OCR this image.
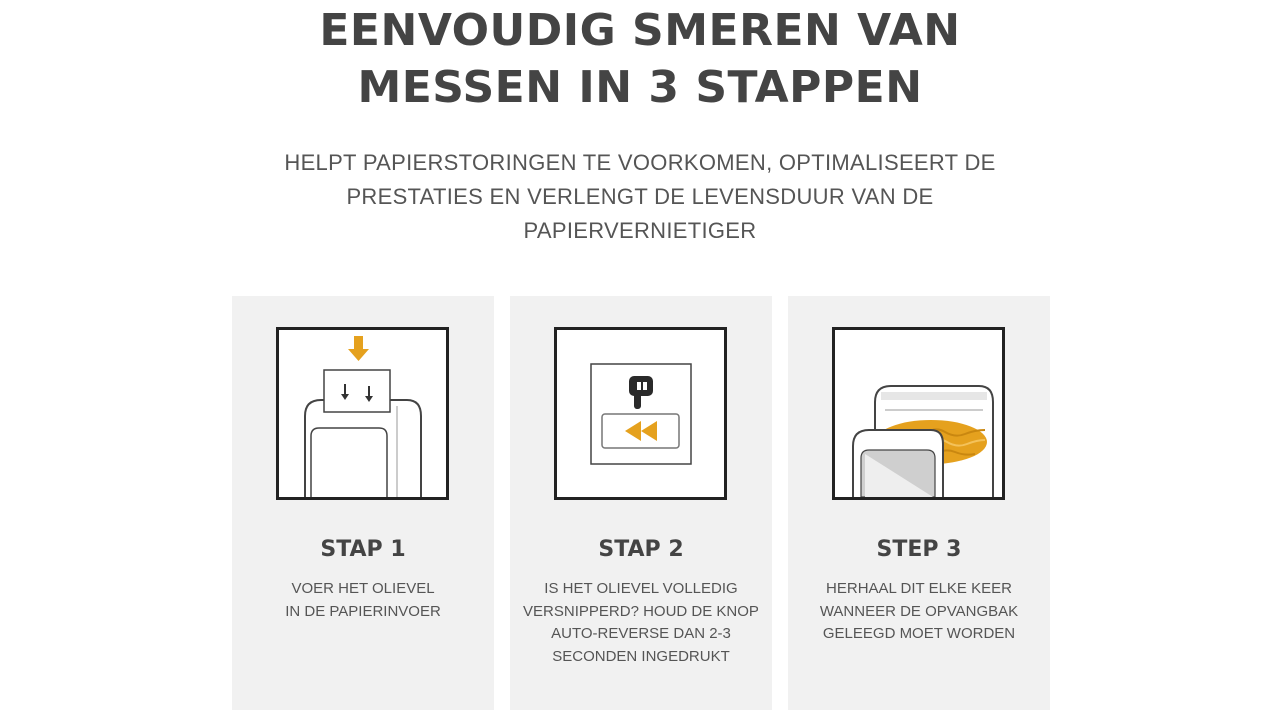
EENVOUDIG SMEREN VAN
MESSEN IN 3 STAPPEN

HELPT PAPIERSTORINGEN TE VOORKOMEN, OPTIMALISEERT DE
PRESTATIES EN VERLENGT DE LEVENSDUUR VAN DE
PAPIERVERNIETIGER

STAP 1

VOER HET OLIEVEL
IN DE PAPIERINVOER

STAP 2

IS HET OLIEVEL VOLLEDIG
VERSNIPPERD? HOUD DE KNOP
AUTO-REVERSE DAN 2-3
SECONDEN INGEDRUKT

STEP 3

HERHAAL DIT ELKE KEER
WANNEER DE OPVANGBAK
GELEEGD MOET WORDEN
